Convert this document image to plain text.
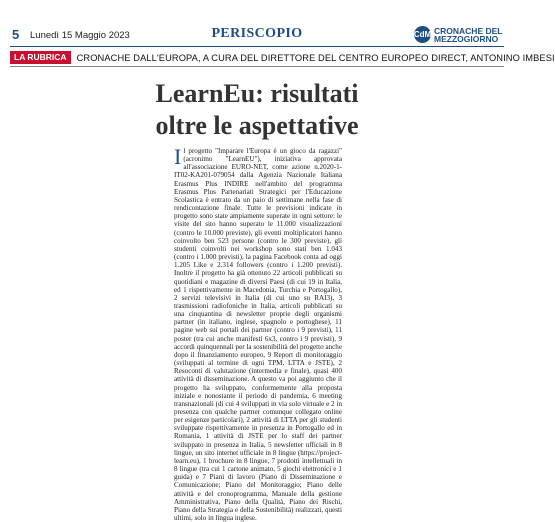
5 Lunedì 15 Maggio 2023	PERISCOPIO	CdM CRONACHE DEL MEZZOGIORNO
LA RUBRICA	CRONACHE DALL'EUROPA, A CURA DEL DIRETTORE DEL CENTRO EUROPEO DIRECT, ANTONINO IMBESI
LearnEu: risultati
oltre le aspettative
Il progetto "Imparare l'Europa è un gioco da ragazzi" (acronimo "LearnEU"), iniziativa approvata all'associazione EURO-NET, come azione n.2020-1-IT02-KA201-079054 dalla Agenzia Nazionale Italiana Erasmus Plus INDIRE nell'ambito del programma Erasmus Plus Partenariati Strategici per l'Educazione Scolastica è entrato da un paio di settimane nella fase di rendicontazione finale. Tutte le previsioni indicate in progetto sono state ampiamente superate in ogni settore: le visite del sito hanno superato le 11.000 visualizzazioni (contro le 10.000 previste), gli eventi moltiplicatori hanno coinvolto ben 523 persone (contro le 300 previste), gli studenti coinvolti nei workshop sono stati ben 1.043 (contro i 1.000 previsti), la pagina Facebook conta ad oggi 1.205 Like e 2.314 followers (contro i 1.200 previsti). Inoltre il progetto ha già ottenuto 22 articoli pubblicati su quotidiani e magazine di diversi Paesi (di cui 19 in Italia, ed 1 rispettivamente in Macedonia, Turchia e Portogallo), 2 servizi televisivi in Italia (di cui uno su RAI3), 3 trasmissioni radiofoniche in Italia, articoli pubblicati su una cinquantina di newsletter proprie degli organismi partner (in italiano, inglese, spagnolo e portoghese), 11 pagine web sui portali dei partner (contro i 9 previsti), 11 poster (tra cui anche manifesti 6x3, contro i 9 previsti), 9 accordi quinquennali per la sostenibilità del progetto anche dopo il finanziamento europeo, 9 Report di monitoraggio (sviluppati al termine di ogni TPM, LTTA e JSTE), 2 Resoconti di valutazione (intermedia e finale), quasi 400 attività di disseminazione. A questo va poi aggiunto che il progetto ha sviluppato, conformemente alla proposta iniziale e nonostante il periodo di pandemia, 6 meeting transnazionali (di cui 4 sviluppati in via solo virtuale e 2 in presenza con qualche partner comunque collegato online per esigenze particolari), 2 attività di LTTA per gli studenti sviluppate rispettivamente in presenza in Portogallo ed in Romania, 1 attività di JSTE per lo staff dei partner sviluppato in presenza in Italia, 5 newsletter ufficiali in 8 lingue, un sito internet ufficiale in 8 lingue (https://project-learn.eu), 1 brochure in 8 lingue, 7 prodotti intellettuali in 8 lingue (tra cui 1 cartone animato, 5 giochi elettronici e 1 guida) e 7 Piani di lavoro (Piano di Disseminazione e Comunicazione; Piano del Monitoraggio; Piano delle attività e del cronoprogramma, Manuale della gestione Amministrativa, Piano della Qualità, Piano dei Rischi, Piano della Strategia e della Sostenibilità) realizzati, questi ultimi, solo in lingua inglese.
